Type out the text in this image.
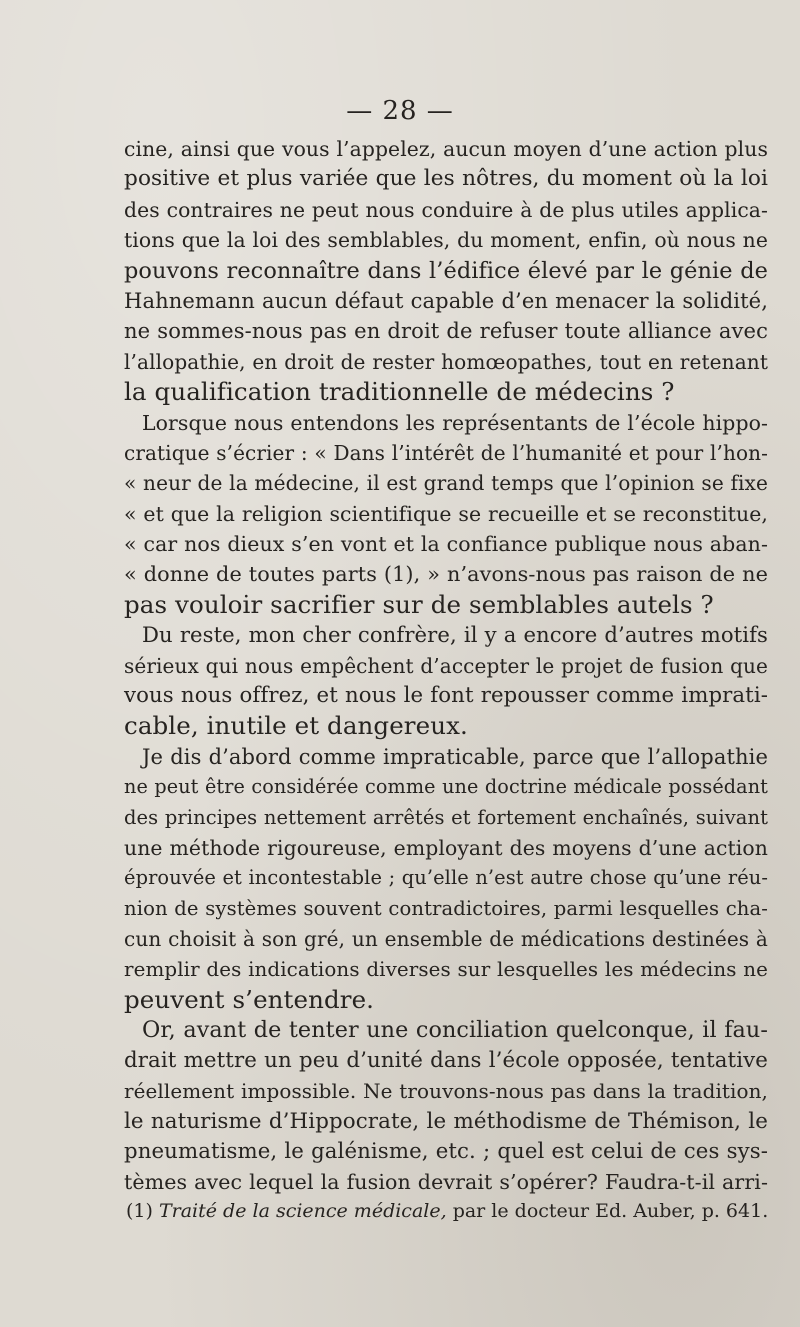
— 28 —
cine, ainsi que vous l’appelez, aucun moyen d’une action plus
positive et plus variée que les nôtres, du moment où la loi
des contraires ne peut nous conduire à de plus utiles applica-
tions que la loi des semblables, du moment, enfin, où nous ne
pouvons reconnaître dans l’édifice élevé par le génie de
Hahnemann aucun défaut capable d’en menacer la solidité,
ne sommes-nous pas en droit de refuser toute alliance avec
l’allopathie, en droit de rester homœopathes, tout en retenant
la qualification traditionnelle de médecins ?
Lorsque nous entendons les représentants de l’école hippo-
cratique s’écrier : « Dans l’intérêt de l’humanité et pour l’hon-
« neur de la médecine, il est grand temps que l’opinion se fixe
« et que la religion scientifique se recueille et se reconstitue,
« car nos dieux s’en vont et la confiance publique nous aban-
« donne de toutes parts (1), » n’avons-nous pas raison de ne
pas vouloir sacrifier sur de semblables autels ?
Du reste, mon cher confrère, il y a encore d’autres motifs
sérieux qui nous empêchent d’accepter le projet de fusion que
vous nous offrez, et nous le font repousser comme imprati-
cable, inutile et dangereux.
Je dis d’abord comme impraticable, parce que l’allopathie
ne peut être considérée comme une doctrine médicale possédant
des principes nettement arrêtés et fortement enchaînés, suivant
une méthode rigoureuse, employant des moyens d’une action
éprouvée et incontestable ; qu’elle n’est autre chose qu’une réu-
nion de systèmes souvent contradictoires, parmi lesquelles cha-
cun choisit à son gré, un ensemble de médications destinées à
remplir des indications diverses sur lesquelles les médecins ne
peuvent s’entendre.
Or, avant de tenter une conciliation quelconque, il fau-
drait mettre un peu d’unité dans l’école opposée, tentative
réellement impossible. Ne trouvons-nous pas dans la tradition,
le naturisme d’Hippocrate, le méthodisme de Thémison, le
pneumatisme, le galénisme, etc. ; quel est celui de ces sys-
tèmes avec lequel la fusion devrait s’opérer? Faudra-t-il arri-
(1) Traité de la science médicale, par le docteur Ed. Auber, p. 641.
